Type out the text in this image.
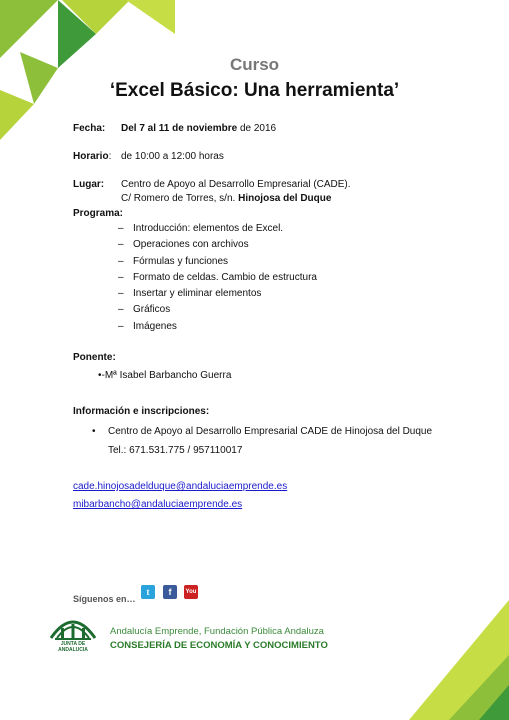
Curso
‘Excel Básico: Una herramienta’
Fecha: Del 7 al 11 de noviembre de 2016
Horario: de 10:00 a 12:00 horas
Lugar: Centro de Apoyo al Desarrollo Empresarial (CADE).
C/ Romero de Torres, s/n. Hinojosa del Duque
Programa:
– Introducción: elementos de Excel.
– Operaciones con archivos
– Fórmulas y funciones
– Formato de celdas. Cambio de estructura
– Insertar y eliminar elementos
– Gráficos
– Imágenes
Ponente:
•-Mª Isabel Barbancho Guerra
Información e inscripciones:
• Centro de Apoyo al Desarrollo Empresarial CADE de Hinojosa del Duque
Tel.: 671.531.775 / 957110017
cade.hinojosadelduque@andaluciaemprende.es
mibarbancho@andaluciaemprende.es
Síguenos en…
t	f	You
JUNTA DE ANDALUCIA
Andalucía Emprende, Fundación Pública Andaluza
CONSEJERÍA DE ECONOMÍA Y CONOCIMIENTO
